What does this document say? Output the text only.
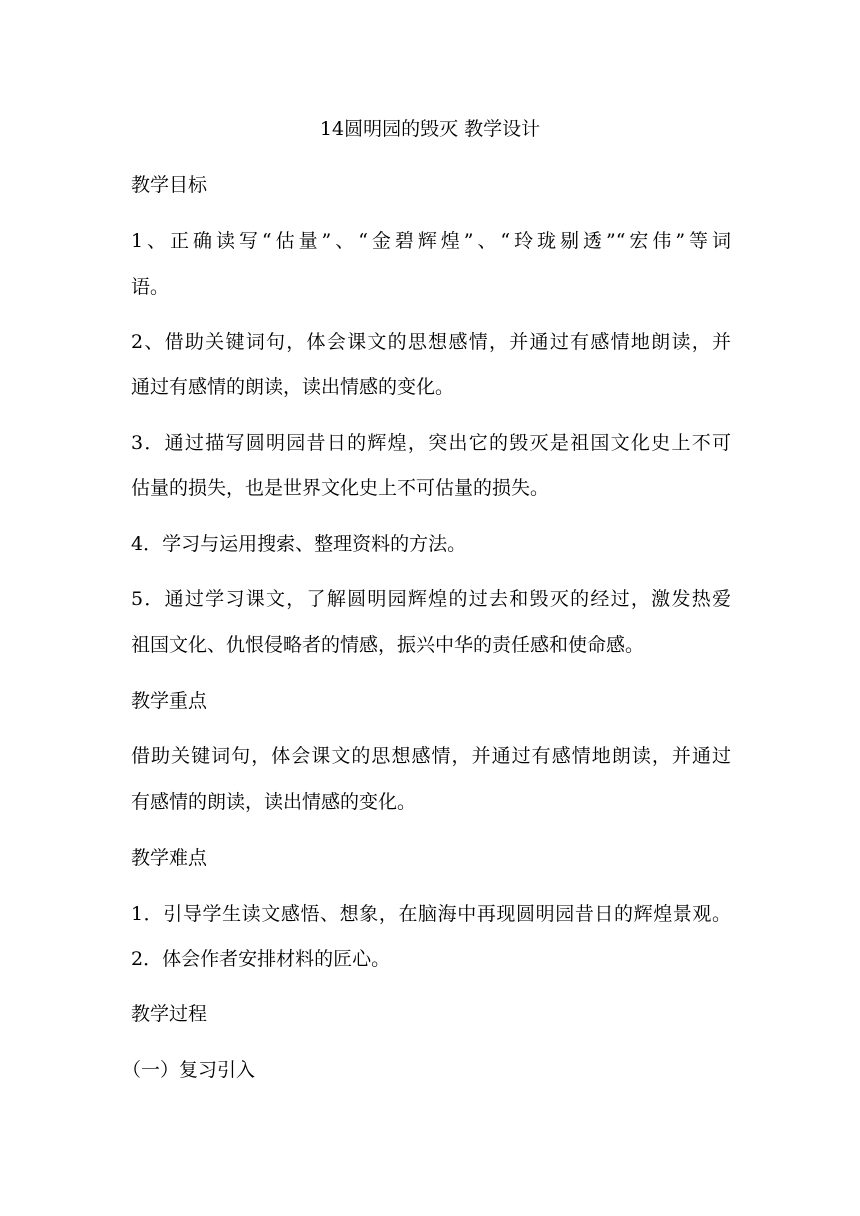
14圆明园的毁灭 教学设计
教学目标
1、正确读写“估量”、“金碧辉煌”、“玲珑剔透”“宏伟”等词
语。
2、借助关键词句，体会课文的思想感情，并通过有感情地朗读，并
通过有感情的朗读，读出情感的变化。
3．通过描写圆明园昔日的辉煌，突出它的毁灭是祖国文化史上不可
估量的损失，也是世界文化史上不可估量的损失。
4．学习与运用搜索、整理资料的方法。
5．通过学习课文，了解圆明园辉煌的过去和毁灭的经过，激发热爱
祖国文化、仇恨侵略者的情感，振兴中华的责任感和使命感。
教学重点
借助关键词句，体会课文的思想感情，并通过有感情地朗读，并通过
有感情的朗读，读出情感的变化。
教学难点
1．引导学生读文感悟、想象，在脑海中再现圆明园昔日的辉煌景观。
2．体会作者安排材料的匠心。
教学过程
（一）复习引入
